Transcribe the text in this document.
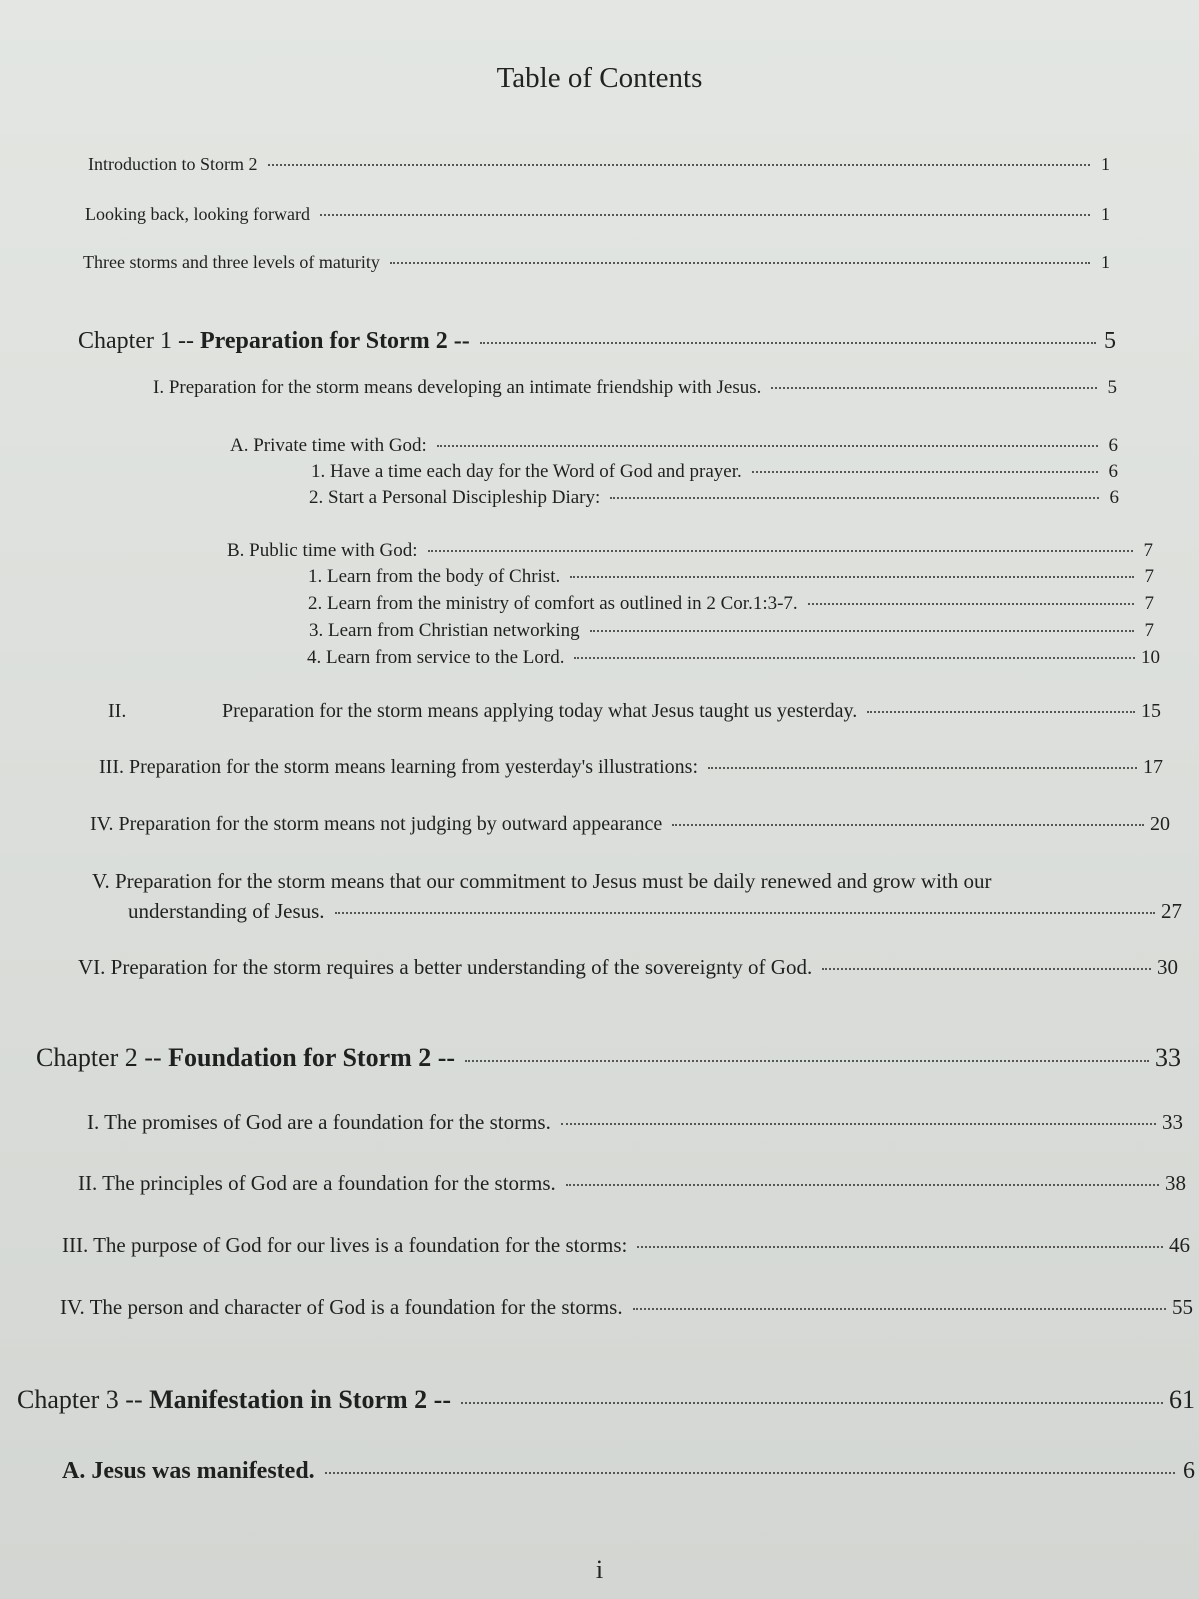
Table of Contents
Introduction to Storm 2	1
Looking back, looking forward	1
Three storms and three levels of maturity	1
Chapter 1 -- Preparation for Storm 2 --	5
I. Preparation for the storm means developing an intimate friendship with Jesus.	5
A. Private time with God:	6
1. Have a time each day for the Word of God and prayer.	6
2. Start a Personal Discipleship Diary:	6
B. Public time with God:	7
1. Learn from the body of Christ.	7
2. Learn from the ministry of comfort as outlined in 2 Cor.1:3-7.	7
3. Learn from Christian networking	7
4. Learn from service to the Lord.	10
II.	Preparation for the storm means applying today what Jesus taught us yesterday.	15
III. Preparation for the storm means learning from yesterday's illustrations:	17
IV. Preparation for the storm means not judging by outward appearance	20
V. Preparation for the storm means that our commitment to Jesus must be daily renewed and grow with our
understanding of Jesus.	27
VI. Preparation for the storm requires a better understanding of the sovereignty of God.	30
Chapter 2 -- Foundation for Storm 2 --	33
I. The promises of God are a foundation for the storms.	33
II. The principles of God are a foundation for the storms.	38
III. The purpose of God for our lives is a foundation for the storms:	46
IV. The person and character of God is a foundation for the storms.	55
Chapter 3 -- Manifestation in Storm 2 --	61
A. Jesus was manifested.	6
i
